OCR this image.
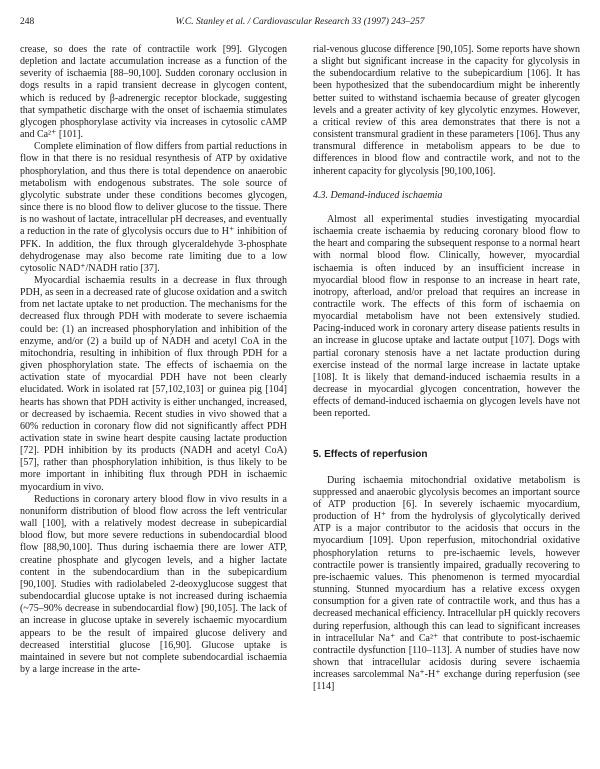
248	W.C. Stanley et al. / Cardiovascular Research 33 (1997) 243–257

crease, so does the rate of contractile work [99]. Glycogen depletion and lactate accumulation increase as a function of the severity of ischaemia [88–90,100]. Sudden coronary occlusion in dogs results in a rapid transient decrease in glycogen content, which is reduced by β-adrenergic receptor blockade, suggesting that sympathetic discharge with the onset of ischaemia stimulates glycogen phosphorylase activity via increases in cytosolic cAMP and Ca²⁺ [101].

Complete elimination of flow differs from partial reductions in flow in that there is no residual resynthesis of ATP by oxidative phosphorylation, and thus there is total dependence on anaerobic metabolism with endogenous substrates. The sole source of glycolytic substrate under these conditions becomes glycogen, since there is no blood flow to deliver glucose to the tissue. There is no washout of lactate, intracellular pH decreases, and eventually a reduction in the rate of glycolysis occurs due to H⁺ inhibition of PFK. In addition, the flux through glyceraldehyde 3-phosphate dehydrogenase may also become rate limiting due to a low cytosolic NAD⁺/NADH ratio [37].

Myocardial ischaemia results in a decrease in flux through PDH, as seen in a decreased rate of glucose oxidation and a switch from net lactate uptake to net production. The mechanisms for the decreased flux through PDH with moderate to severe ischaemia could be: (1) an increased phosphorylation and inhibition of the enzyme, and/or (2) a build up of NADH and acetyl CoA in the mitochondria, resulting in inhibition of flux through PDH for a given phosphorylation state. The effects of ischaemia on the activation state of myocardial PDH have not been clearly elucidated. Work in isolated rat [57,102,103] or guinea pig [104] hearts has shown that PDH activity is either unchanged, increased, or decreased by ischaemia. Recent studies in vivo showed that a 60% reduction in coronary flow did not significantly affect PDH activation state in swine heart despite causing lactate production [72]. PDH inhibition by its products (NADH and acetyl CoA) [57], rather than phosphorylation inhibition, is thus likely to be more important in inhibiting flux through PDH in ischaemic myocardium in vivo.

Reductions in coronary artery blood flow in vivo results in a nonuniform distribution of blood flow across the left ventricular wall [100], with a relatively modest decrease in subepicardial blood flow, but more severe reductions in subendocardial blood flow [88,90,100]. Thus during ischaemia there are lower ATP, creatine phosphate and glycogen levels, and a higher lactate content in the subendocardium than in the subepicardium [90,100]. Studies with radiolabeled 2-deoxyglucose suggest that subendocardial glucose uptake is not increased during ischaemia (~75–90% decrease in subendocardial flow) [90,105]. The lack of an increase in glucose uptake in severely ischaemic myocardium appears to be the result of impaired glucose delivery and decreased interstitial glucose [16,90]. Glucose uptake is maintained in severe but not complete subendocardial ischaemia by a large increase in the arte-

rial-venous glucose difference [90,105]. Some reports have shown a slight but significant increase in the capacity for glycolysis in the subendocardium relative to the subepicardium [106]. It has been hypothesized that the subendocardium might be inherently better suited to withstand ischaemia because of greater glycogen levels and a greater activity of key glycolytic enzymes. However, a critical review of this area demonstrates that there is not a consistent transmural gradient in these parameters [106]. Thus any transmural difference in metabolism appears to be due to differences in blood flow and contractile work, and not to the inherent capacity for glycolysis [90,100,106].

4.3. Demand-induced ischaemia

Almost all experimental studies investigating myocardial ischaemia create ischaemia by reducing coronary blood flow to the heart and comparing the subsequent response to a normal heart with normal blood flow. Clinically, however, myocardial ischaemia is often induced by an insufficient increase in myocardial blood flow in response to an increase in heart rate, inotropy, afterload, and/or preload that requires an increase in contractile work. The effects of this form of ischaemia on myocardial metabolism have not been extensively studied. Pacing-induced work in coronary artery disease patients results in an increase in glucose uptake and lactate output [107]. Dogs with partial coronary stenosis have a net lactate production during exercise instead of the normal large increase in lactate uptake [108]. It is likely that demand-induced ischaemia results in a decrease in myocardial glycogen concentration, however the effects of demand-induced ischaemia on glycogen levels have not been reported.

5. Effects of reperfusion

During ischaemia mitochondrial oxidative metabolism is suppressed and anaerobic glycolysis becomes an important source of ATP production [6]. In severely ischaemic myocardium, production of H⁺ from the hydrolysis of glycolytically derived ATP is a major contributor to the acidosis that occurs in the myocardium [109]. Upon reperfusion, mitochondrial oxidative phosphorylation returns to pre-ischaemic levels, however contractile power is transiently impaired, gradually recovering to pre-ischaemic values. This phenomenon is termed myocardial stunning. Stunned myocardium has a relative excess oxygen consumption for a given rate of contractile work, and thus has a decreased mechanical efficiency. Intracellular pH quickly recovers during reperfusion, although this can lead to significant increases in intracellular Na⁺ and Ca²⁺ that contribute to post-ischaemic contractile dysfunction [110–113]. A number of studies have now shown that intracellular acidosis during severe ischaemia increases sarcolemmal Na⁺-H⁺ exchange during reperfusion (see [114]
